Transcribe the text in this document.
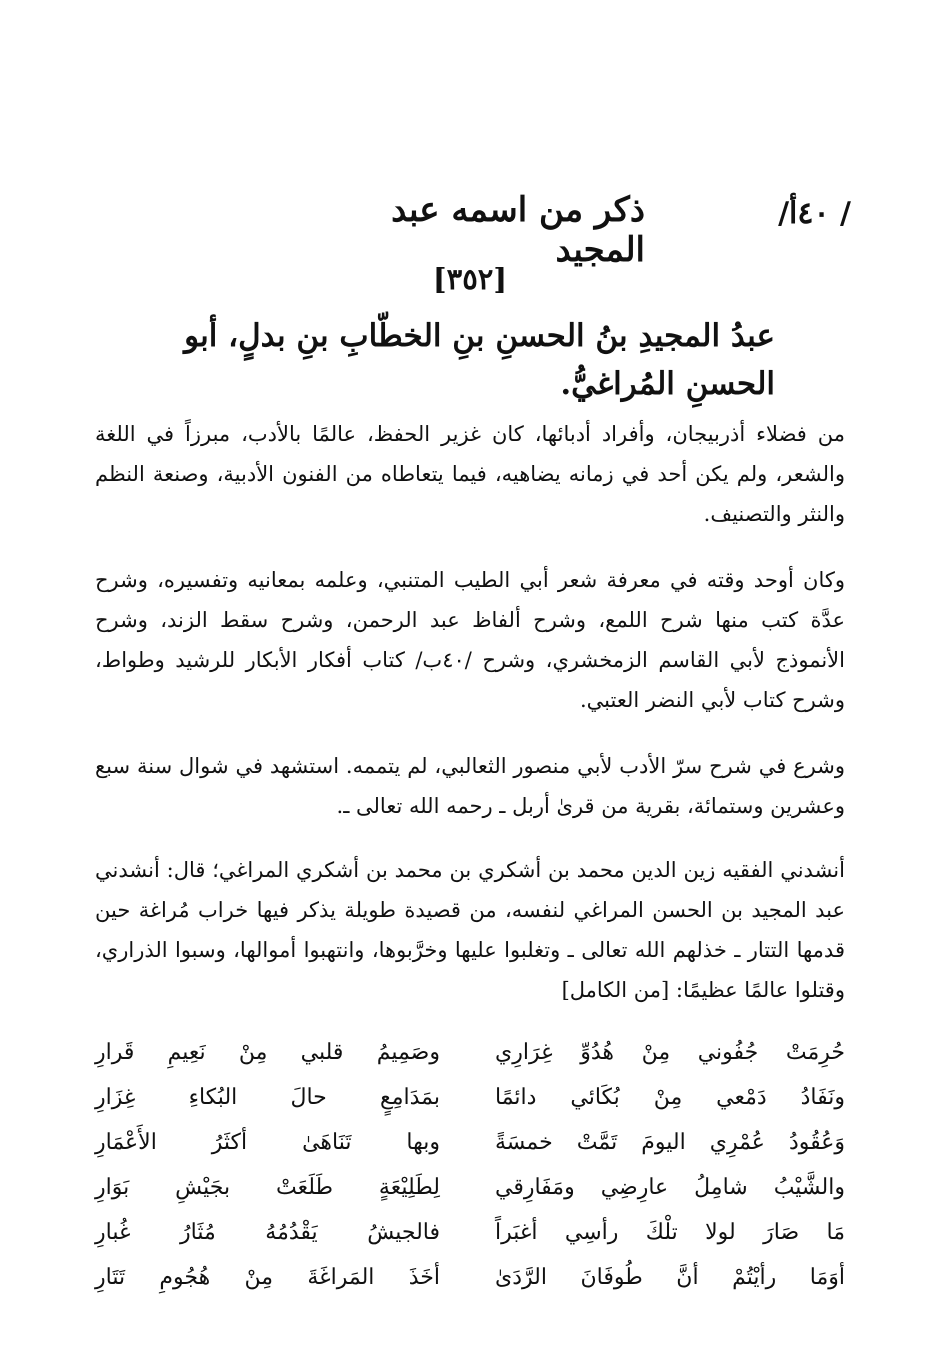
/ ٤٠أ/
ذكر من اسمه عبد المجيد
[٣٥٢]
عبدُ المجيدِ بنُ الحسنِ بنِ الخطّابِ بنِ بدلٍ، أبو الحسنِ المُراغيُّ.
من فضلاء أذربيجان، وأفراد أدبائها، كان غزير الحفظ، عالمًا بالأدب، مبرزاً في اللغة والشعر، ولم يكن أحد في زمانه يضاهيه، فيما يتعاطاه من الفنون الأدبية، وصنعة النظم والنثر والتصنيف.
وكان أوحد وقته في معرفة شعر أبي الطيب المتنبي، وعلمه بمعانيه وتفسيره، وشرح عدَّة كتب منها شرح اللمع، وشرح ألفاظ عبد الرحمن، وشرح سقط الزند، وشرح الأنموذج لأبي القاسم الزمخشري، وشرح /٤٠ب/ كتاب أفكار الأبكار للرشيد وطواط، وشرح كتاب لأبي النضر العتبي.
وشرع في شرح سرّ الأدب لأبي منصور الثعالبي، لم يتممه. استشهد في شوال سنة سبع وعشرين وستمائة، بقرية من قرىٰ أربل ـ رحمه الله تعالى ـ.
أنشدني الفقيه زين الدين محمد بن أشكري بن محمد بن أشكري المراغي؛ قال: أنشدني عبد المجيد بن الحسن المراغي لنفسه، من قصيدة طويلة يذكر فيها خراب مُراغة حين قدمها التتار ـ خذلهم الله تعالى ـ وتغلبوا عليها وخرَّبوها، وانتهبوا أموالها، وسبوا الذراري، وقتلوا عالمًا عظيمًا: [من الكامل]
حُرِمَتْ جُفُوني مِنْ هُدُوِّ غِرَارِي
وصَمِيمُ قلبي مِنْ نَعِيمِ قَرارِ
ونَفَادُ دَمْعي مِنْ بُكَائي دائمًا
بمَدَامِعٍ حالَ البُكاءِ غِزَارِ
وَعُقُودُ عُمْرِي اليومَ تَمَّتْ خمسَةً
وبها تَنَاهَىٰ أكثَرُ الأَعْمَارِ
والشَّيْبُ شامِلُ عارِضِي ومَفَارِقي
لِطَلِيْعَةٍ طَلَعَتْ بجَيْشِ بَوَارِ
مَا صَارَ لولا تلْكَ رأسِي أغبَراً
فالجيشُ يَقْدُمُهُ مُثَارُ غُبارِ
أوَمَا رأيْتُمْ أنَّ طُوفَانَ الرَّدَىٰ
أخَذَ المَراغَةَ مِنْ هُجُومِ تَتَارِ
